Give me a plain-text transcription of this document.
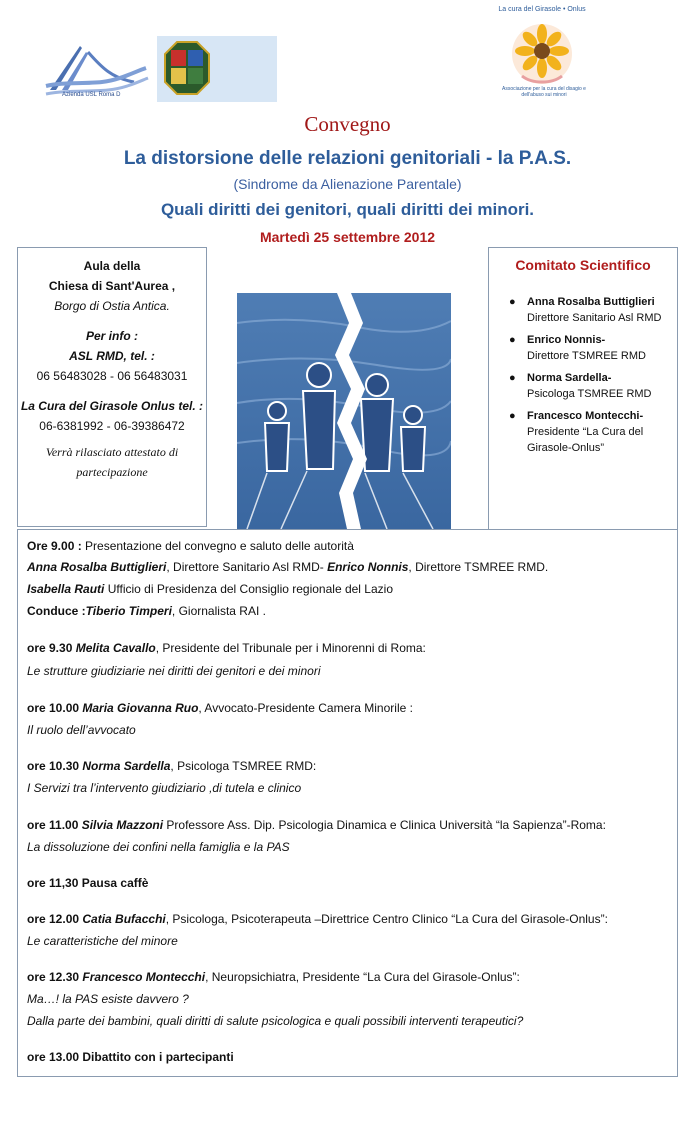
Azienda USL Roma D
La cura del Girasole • Onlus
Associazione per la cura del disagio e dell'abuso sui minori
Convegno
La distorsione delle relazioni genitoriali - la P.A.S.
(Sindrome da Alienazione Parentale)
Quali diritti dei genitori, quali diritti dei minori.
Martedì 25 settembre 2012

Aula della

Chiesa di Sant'Aurea ,

Borgo di Ostia Antica.

Per info :

ASL RMD, tel. :

06 56483028 - 06 56483031

La Cura del Girasole Onlus tel. :

06-6381992 - 06-39386472

Verrà rilasciato attestato di

partecipazione

Comitato Scientifico
● Anna Rosalba Buttiglieri
Direttore Sanitario Asl RMD
● Enrico Nonnis-
Direttore TSMREE RMD
● Norma Sardella-
Psicologa TSMREE RMD
● Francesco Montecchi-
Presidente “La Cura del Girasole-Onlus”
Ore 9.00 : Presentazione del convegno e saluto delle autorità
Anna Rosalba Buttiglieri, Direttore Sanitario Asl RMD- Enrico Nonnis, Direttore TSMREE RMD.
Isabella Rauti Ufficio di Presidenza del Consiglio regionale del Lazio
Conduce :Tiberio Timperi, Giornalista RAI .
ore 9.30 Melita Cavallo, Presidente del Tribunale per i Minorenni di Roma:
Le strutture giudiziarie nei diritti dei genitori e dei minori
ore 10.00 Maria Giovanna Ruo, Avvocato-Presidente Camera Minorile :
Il ruolo dell’avvocato
ore 10.30 Norma Sardella, Psicologa TSMREE RMD:
I Servizi tra l’intervento giudiziario ,di tutela e clinico
ore 11.00 Silvia Mazzoni Professore Ass. Dip. Psicologia Dinamica e Clinica Università “la Sapienza”-Roma:
La dissoluzione dei confini nella famiglia e la PAS
ore 11,30 Pausa caffè
ore 12.00 Catia Bufacchi, Psicologa, Psicoterapeuta –Direttrice Centro Clinico “La Cura del Girasole-Onlus”:
Le caratteristiche del minore
ore 12.30 Francesco Montecchi, Neuropsichiatra, Presidente “La Cura del Girasole-Onlus”:
Ma…! la PAS esiste davvero ?
Dalla parte dei bambini, quali diritti di salute psicologica e quali possibili interventi terapeutici?
ore 13.00 Dibattito con i partecipanti
